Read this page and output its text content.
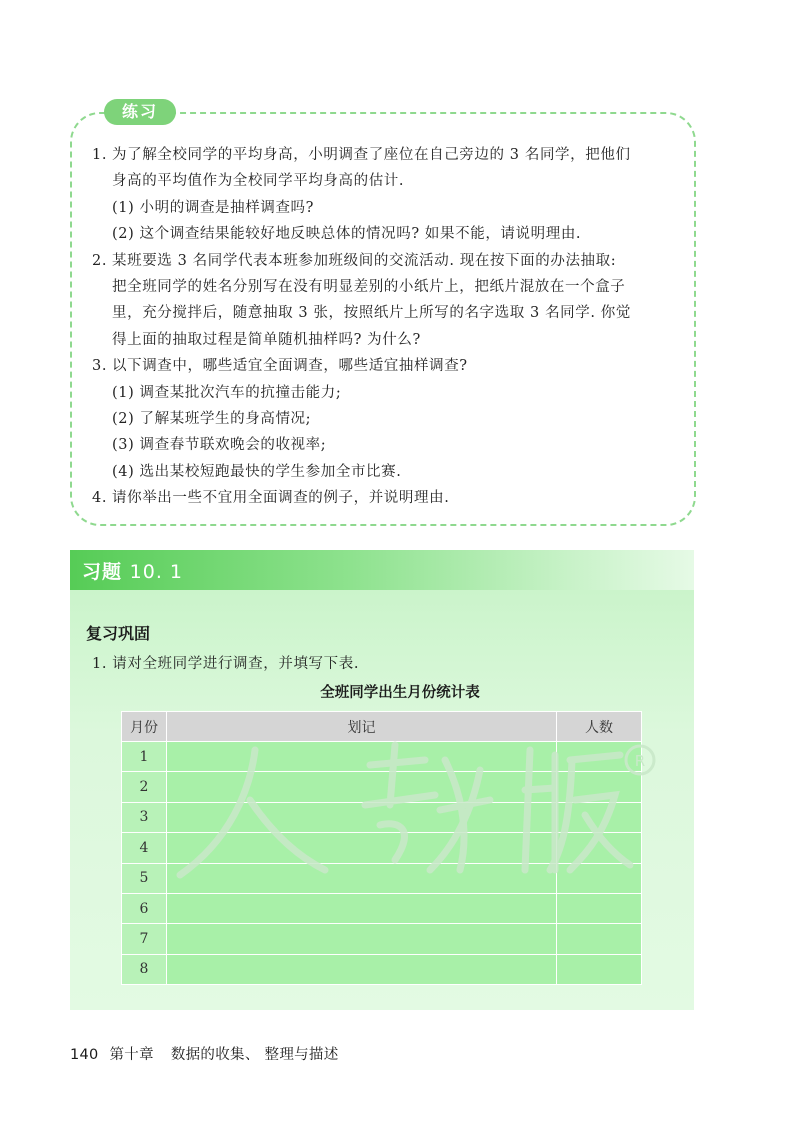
练习
1. 为了解全校同学的平均身高，小明调查了座位在自己旁边的 3 名同学，把他们
身高的平均值作为全校同学平均身高的估计.
(1) 小明的调查是抽样调查吗?
(2) 这个调查结果能较好地反映总体的情况吗? 如果不能，请说明理由.
2. 某班要选 3 名同学代表本班参加班级间的交流活动. 现在按下面的办法抽取:
把全班同学的姓名分别写在没有明显差别的小纸片上，把纸片混放在一个盒子
里，充分搅拌后，随意抽取 3 张，按照纸片上所写的名字选取 3 名同学. 你觉
得上面的抽取过程是简单随机抽样吗? 为什么?
3. 以下调查中，哪些适宜全面调查，哪些适宜抽样调查?
(1) 调查某批次汽车的抗撞击能力;
(2) 了解某班学生的身高情况;
(3) 调查春节联欢晚会的收视率;
(4) 选出某校短跑最快的学生参加全市比赛.
4. 请你举出一些不宜用全面调查的例子，并说明理由.
习题 10. 1
复习巩固
1. 请对全班同学进行调查，并填写下表.
全班同学出生月份统计表
月份	划记	人数
1		
2		
3		
4		
5		
6		
7		
8		
R
140 第十章 数据的收集、 整理与描述
